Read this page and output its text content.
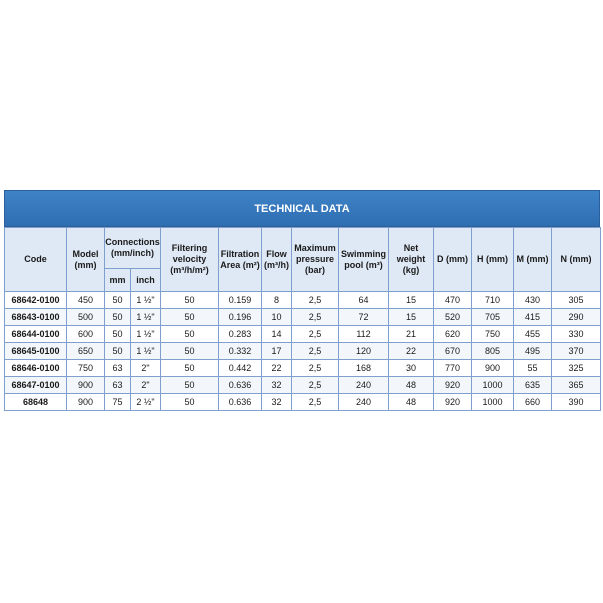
TECHNICAL DATA
Code	Model (mm)	Connections (mm/inch)		Filtering velocity (m³/h/m²)	Filtration Area (m²)	Flow (m³/h)	Maximum pressure (bar)	Swimming pool (m³)	Net weight (kg)	D (mm)	H (mm)	M (mm)	N (mm)
		mm	inch										
68642-0100	450	50	1 ½"	50	0.159	8	2,5	64	15	470	710	430	305
68643-0100	500	50	1 ½"	50	0.196	10	2,5	72	15	520	705	415	290
68644-0100	600	50	1 ½"	50	0.283	14	2,5	112	21	620	750	455	330
68645-0100	650	50	1 ½"	50	0.332	17	2,5	120	22	670	805	495	370
68646-0100	750	63	2"	50	0.442	22	2,5	168	30	770	900	55	325
68647-0100	900	63	2"	50	0.636	32	2,5	240	48	920	1000	635	365
68648	900	75	2 ½"	50	0.636	32	2,5	240	48	920	1000	660	390
